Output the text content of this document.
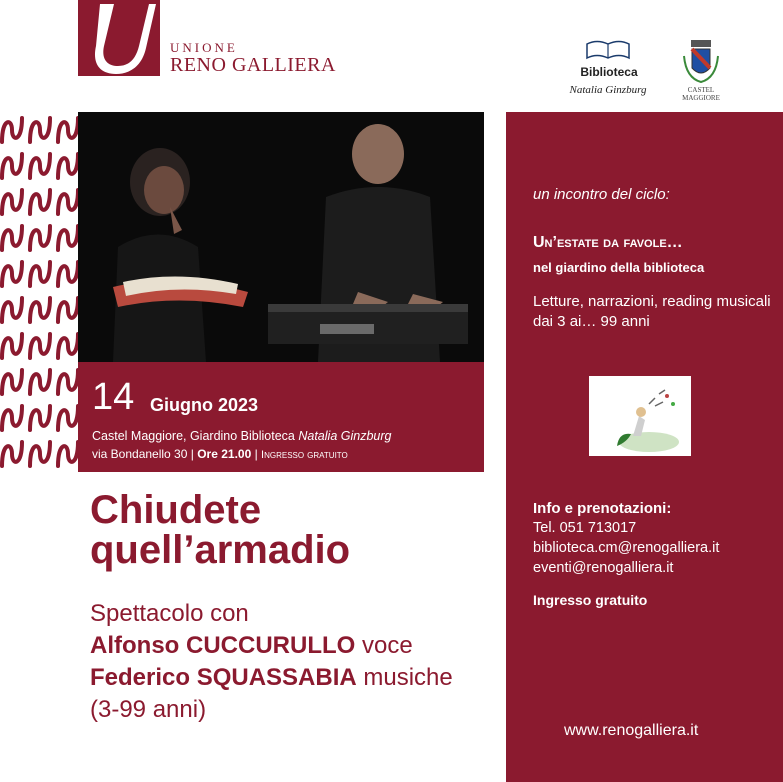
UNIONE
RENO GALLIERA	Biblioteca
Natalia Ginzburg	CASTEL
MAGGIORE
14 Giugno 2023
Castel Maggiore, Giardino Biblioteca Natalia Ginzburg
via Bondanello 30 | Ore 21.00 | Ingresso gratuito
Chiudete
quell’armadio
Spettacolo con
Alfonso CUCCURULLO voce
Federico SQUASSABIA musiche
(3-99 anni)
un incontro del ciclo:
Un’estate da favole…
nel giardino della biblioteca
Letture, narrazioni, reading musicali dai 3 ai… 99 anni
Info e prenotazioni:
Tel. 051 713017
biblioteca.cm@renogalliera.it
eventi@renogalliera.it
Ingresso gratuito
www.renogalliera.it
